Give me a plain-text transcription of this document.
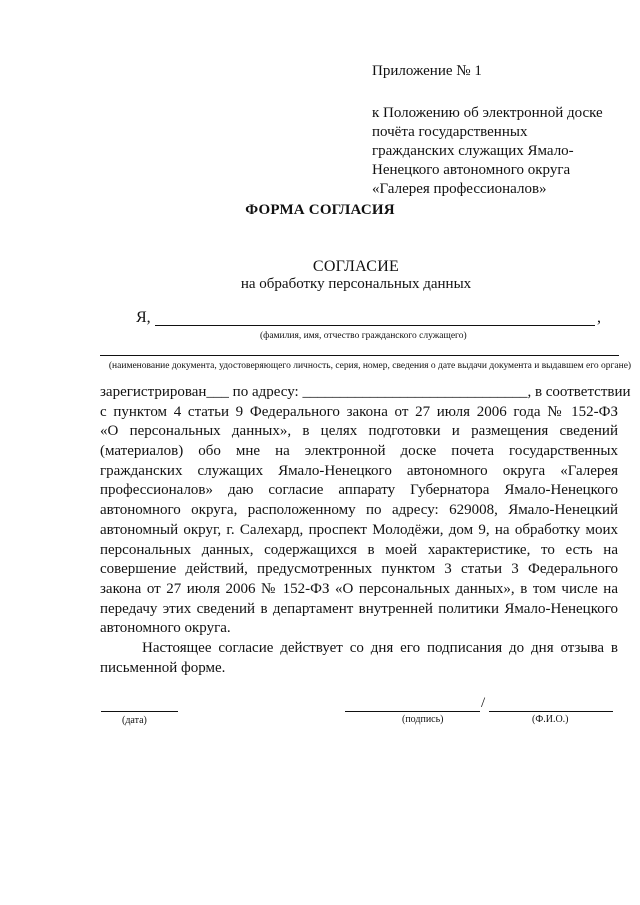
Приложение № 1
к Положению об электронной доске
почёта государственных
гражданских служащих Ямало-
Ненецкого автономного округа
«Галерея профессионалов»
ФОРМА СОГЛАСИЯ
СОГЛАСИЕ
на обработку персональных данных
Я,	,
(фамилия, имя, отчество гражданского служащего)
(наименование документа, удостоверяющего личность, серия, номер, сведения о дате выдачи документа и выдавшем его органе)
зарегистрирован___ по адресу: ______________________________, в соответствии
с пунктом 4 статьи 9 Федерального закона от 27 июля 2006 года № 152-ФЗ
«О персональных данных», в целях подготовки и размещения сведений
(материалов) обо мне на электронной доске почета государственных
гражданских служащих Ямало-Ненецкого автономного округа «Галерея
профессионалов» даю согласие аппарату Губернатора Ямало-Ненецкого
автономного округа, расположенному по адресу: 629008, Ямало-Ненецкий
автономный округ, г. Салехард, проспект Молодёжи, дом 9, на обработку моих
персональных данных, содержащихся в моей характеристике, то есть на
совершение действий, предусмотренных пунктом 3 статьи 3 Федерального
закона от 27 июля 2006 № 152-ФЗ «О персональных данных», в том числе на
передачу этих сведений в департамент внутренней политики Ямало-Ненецкого
автономного округа.
Настоящее согласие действует со дня его подписания до дня отзыва в
письменной форме.
(дата)
/
(подпись)	(Ф.И.О.)
